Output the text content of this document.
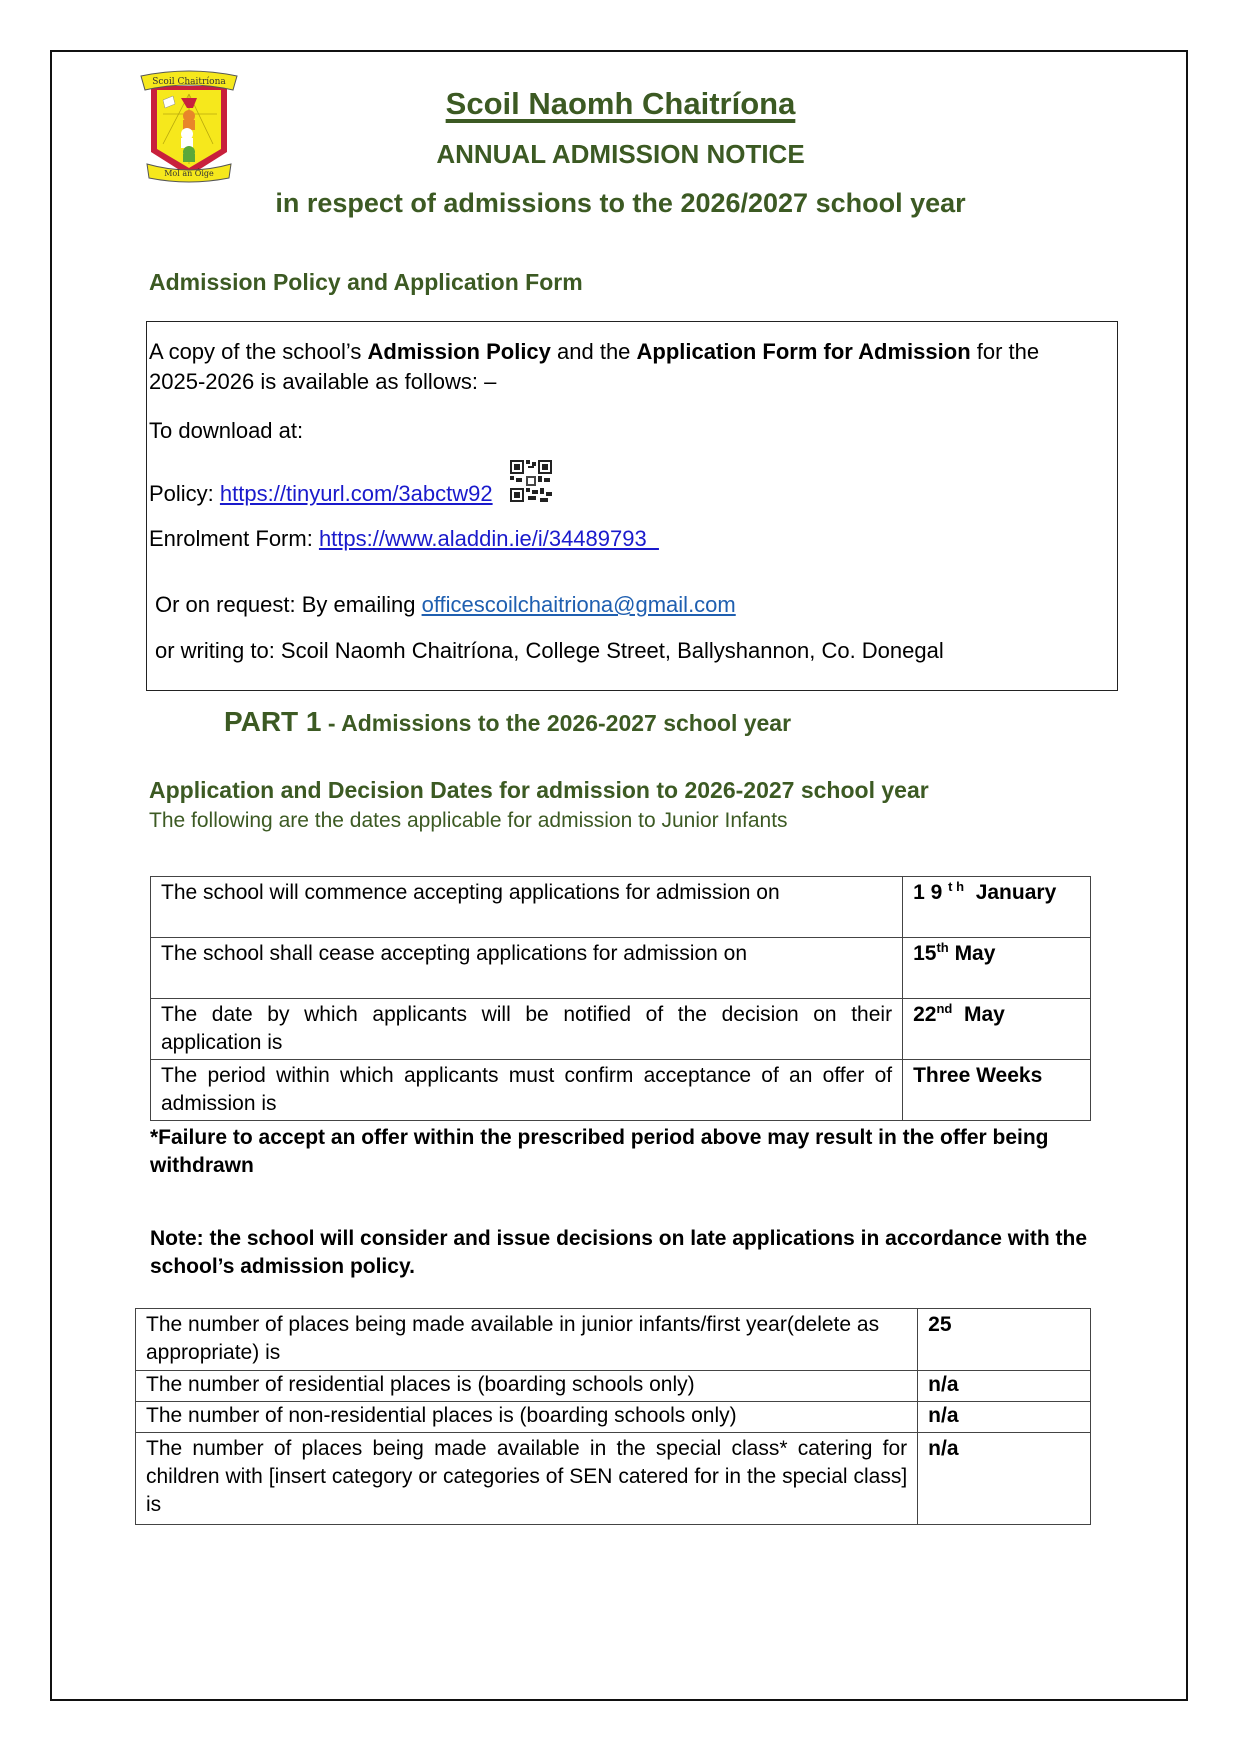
Scoil Chaitríona
Mol an Óige
Scoil Naomh Chaitríona
ANNUAL ADMISSION NOTICE
in respect of admissions to the 2026/2027 school year
Admission Policy and Application Form
A copy of the school’s Admission Policy and the Application Form for Admission for the
2025-2026 is available as follows: –
To download at:
Policy: https://tinyurl.com/3abctw92
Enrolment Form: https://www.aladdin.ie/i/34489793
Or on request: By emailing officescoilchaitriona@gmail.com
or writing to: Scoil Naomh Chaitríona, College Street, Ballyshannon, Co. Donegal
PART 1 - Admissions to the 2026-2027 school year
Application and Decision Dates for admission to 2026-2027 school year
The following are the dates applicable for admission to Junior Infants
The school will commence accepting applications for admission on	1 9 $^{t h}$  January
The school shall cease accepting applications for admission on	15th May
The date by which applicants will be notified of the decision on their application is	22nd  May
The period within which applicants must confirm acceptance of an offer of admission is	Three Weeks
*Failure to accept an offer within the prescribed period above may result in the offer being withdrawn
Note: the school will consider and issue decisions on late applications in accordance with the school’s admission policy.
The number of places being made available in junior infants/first year(delete as appropriate) is	25
The number of residential places is (boarding schools only)	n/a
The number of non-residential places is (boarding schools only)	n/a
The number of places being made available in the special class* catering for children with [insert category or categories of SEN catered for in the special class] is	n/a
